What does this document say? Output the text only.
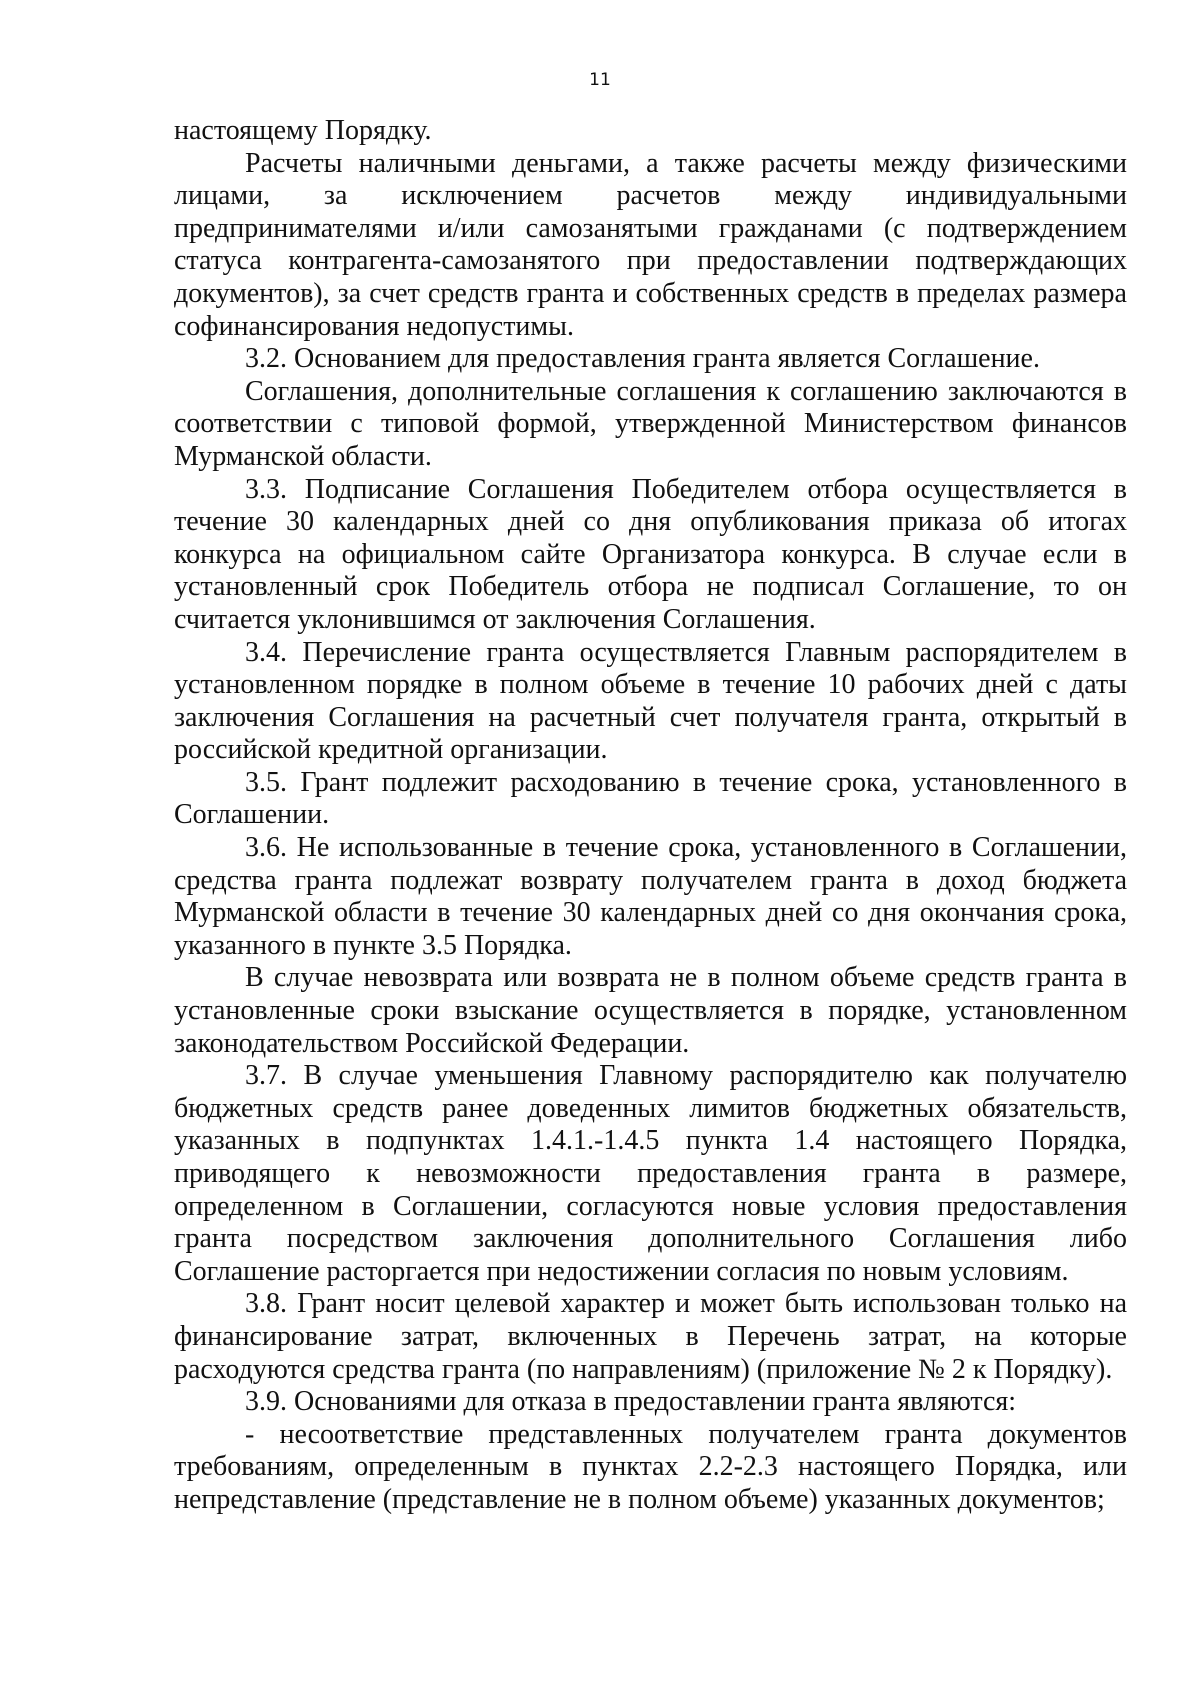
11

настоящему Порядку.

Расчеты наличными деньгами, а также расчеты между физическими лицами, за исключением расчетов между индивидуальными предпринимателями и/или самозанятыми гражданами (с подтверждением статуса контрагента-самозанятого при предоставлении подтверждающих документов), за счет средств гранта и собственных средств в пределах размера софинансирования недопустимы.

3.2. Основанием для предоставления гранта является Соглашение.

Соглашения, дополнительные соглашения к соглашению заключаются в соответствии с типовой формой, утвержденной Министерством финансов Мурманской области.

3.3. Подписание Соглашения Победителем отбора осуществляется в течение 30 календарных дней со дня опубликования приказа об итогах конкурса на официальном сайте Организатора конкурса. В случае если в установленный срок Победитель отбора не подписал Соглашение, то он считается уклонившимся от заключения Соглашения.

3.4. Перечисление гранта осуществляется Главным распорядителем в установленном порядке в полном объеме в течение 10 рабочих дней с даты заключения Соглашения на расчетный счет получателя гранта, открытый в российской кредитной организации.

3.5. Грант подлежит расходованию в течение срока, установленного в Соглашении.

3.6. Не использованные в течение срока, установленного в Соглашении, средства гранта подлежат возврату получателем гранта в доход бюджета Мурманской области в течение 30 календарных дней со дня окончания срока, указанного в пункте 3.5 Порядка.

В случае невозврата или возврата не в полном объеме средств гранта в установленные сроки взыскание осуществляется в порядке, установленном законодательством Российской Федерации.

3.7. В случае уменьшения Главному распорядителю как получателю бюджетных средств ранее доведенных лимитов бюджетных обязательств, указанных в подпунктах 1.4.1.-1.4.5 пункта 1.4 настоящего Порядка, приводящего к невозможности предоставления гранта в размере, определенном в Соглашении, согласуются новые условия предоставления гранта посредством заключения дополнительного Соглашения либо Соглашение расторгается при недостижении согласия по новым условиям.

3.8. Грант носит целевой характер и может быть использован только на финансирование затрат, включенных в Перечень затрат, на которые расходуются средства гранта (по направлениям) (приложение № 2 к Порядку).

3.9. Основаниями для отказа в предоставлении гранта являются:

- несоответствие представленных получателем гранта документов требованиям, определенным в пунктах 2.2-2.3 настоящего Порядка, или непредставление (представление не в полном объеме) указанных документов;
